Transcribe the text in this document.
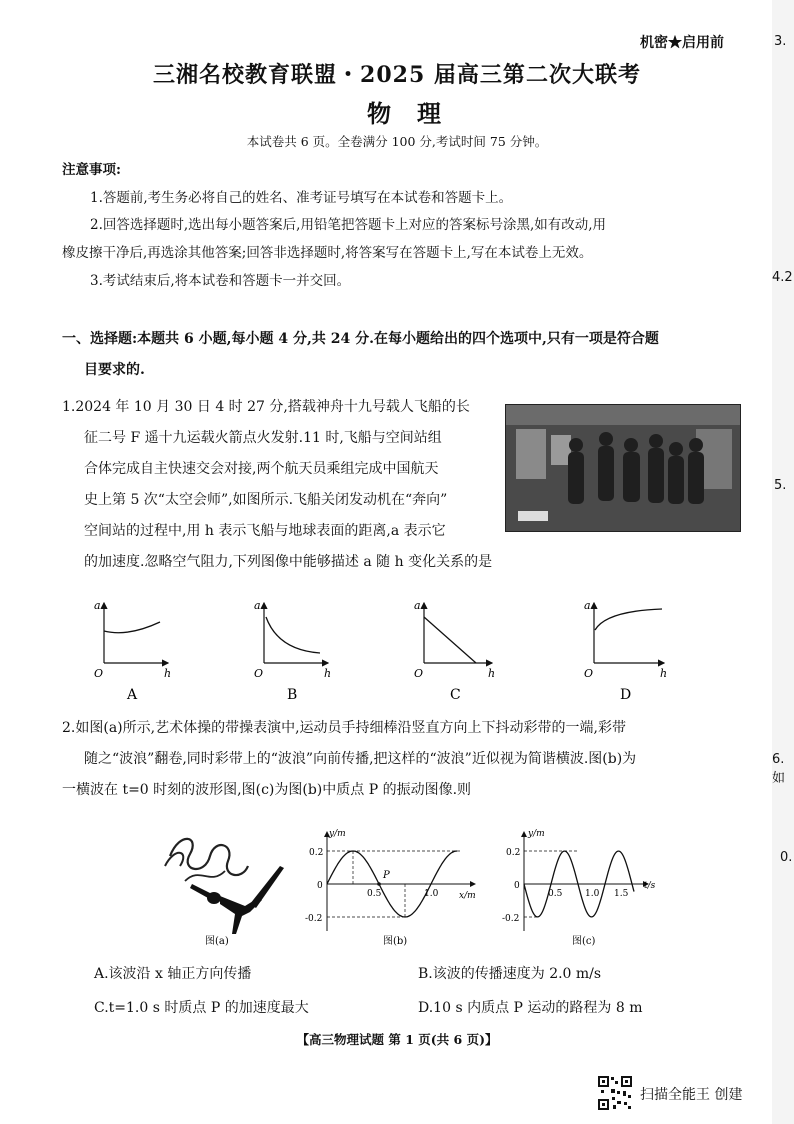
3.
4.2
5.
6.如
0.
机密★启用前
三湘名校教育联盟・2025 届高三第二次大联考
物理
本试卷共 6 页。全卷满分 100 分,考试时间 75 分钟。
注意事项:
1.答题前,考生务必将自己的姓名、准考证号填写在本试卷和答题卡上。
2.回答选择题时,选出每小题答案后,用铅笔把答题卡上对应的答案标号涂黑,如有改动,用
橡皮擦干净后,再选涂其他答案;回答非选择题时,将答案写在答题卡上,写在本试卷上无效。
3.考试结束后,将本试卷和答题卡一并交回。
一、选择题:本题共 6 小题,每小题 4 分,共 24 分.在每小题给出的四个选项中,只有一项是符合题
目要求的.
1.2024 年 10 月 30 日 4 时 27 分,搭载神舟十九号载人飞船的长
征二号 F 遥十九运载火箭点火发射.11 时,飞船与空间站组
合体完成自主快速交会对接,两个航天员乘组完成中国航天
史上第 5 次“太空会师”,如图所示.飞船关闭发动机在“奔向”
空间站的过程中,用 h 表示飞船与地球表面的距离,a 表示它
的加速度.忽略空气阻力,下列图像中能够描述 a 随 h 变化关系的是
a
h
O
A
a
h
O
B
a
h
O
C
a
h
O
D
2.如图(a)所示,艺术体操的带操表演中,运动员手持细棒沿竖直方向上下抖动彩带的一端,彩带
随之“波浪”翻卷,同时彩带上的“波浪”向前传播,把这样的“波浪”近似视为简谐横波.图(b)为
一横波在 t=0 时刻的波形图,图(c)为图(b)中质点 P 的振动图像.则
图(a)
P
y/m
x/m
0.2
0
-0.2
0.5	1.0
图(b)
y/m
t/s
0.2
0
-0.2
0.5	1.0 1.5
图(c)
A.该波沿 x 轴正方向传播	B.该波的传播速度为 2.0 m/s
C.t=1.0 s 时质点 P 的加速度最大	D.10 s 内质点 P 运动的路程为 8 m
【高三物理试题 第 1 页(共 6 页)】
扫描全能王 创建
